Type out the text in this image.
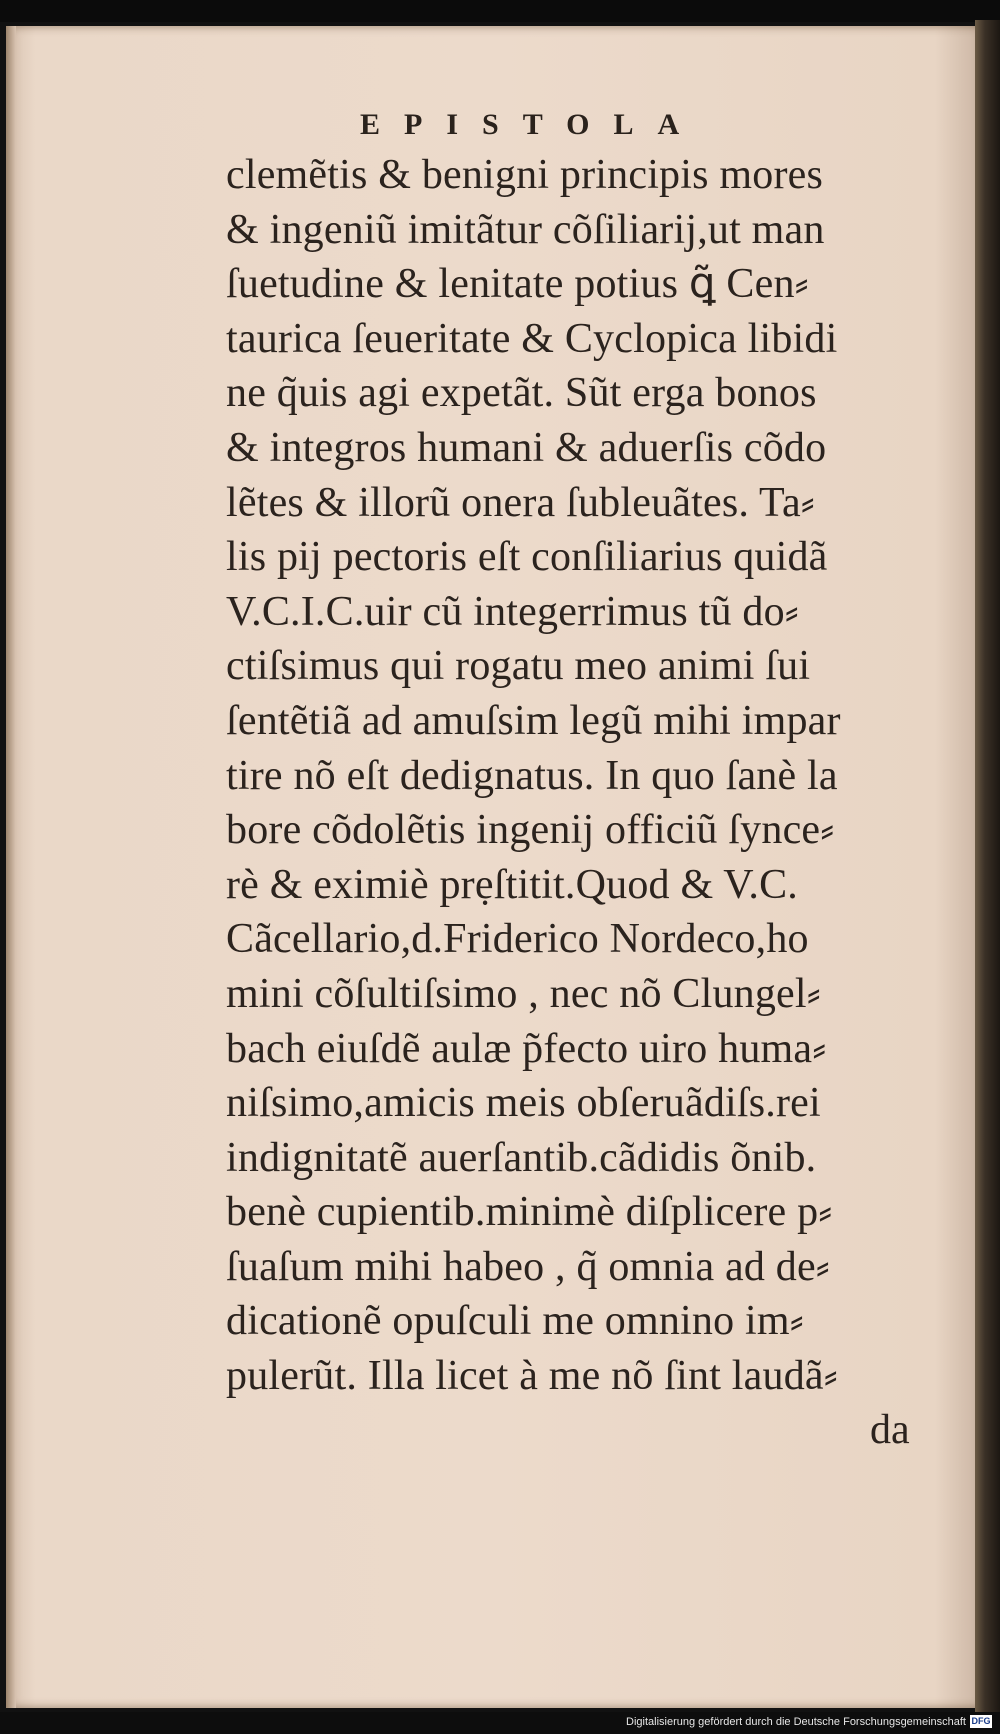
EPISTOLA
clemẽtis & benigni principis mores
& ingeniũ imitãtur cõſiliarij,ut man
ſuetudine & lenitate potius ꝗ̃ Cen⸗
taurica ſeueritate & Cyclopica libidi
ne q̃uis agi expetãt. Sũt erga bonos
& integros humani & aduerſis cõdo
lẽtes & illorũ onera ſubleuãtes. Ta⸗
lis pij pectoris eſt conſiliarius quidã
V.C.I.C.uir cũ integerrimus tũ do⸗
ctiſsimus qui rogatu meo animi ſui
ſentẽtiã ad amuſsim legũ mihi impar
tire nõ eſt dedignatus. In quo ſanè la
bore cõdolẽtis ingenij officiũ ſynce⸗
rè & eximiè prẹſtitit.Quod & V.C.
Cãcellario,d.Friderico Nordeco,ho
mini cõſultiſsimo , nec nõ Clungel⸗
bach eiuſdẽ aulæ p̃fecto uiro huma⸗
niſsimo,amicis meis obſeruãdiſs.rei
indignitatẽ auerſantib.cãdidis õnib.
benè cupientib.minimè diſplicere p⸗
ſuaſum mihi habeo , q̃ omnia ad de⸗
dicationẽ opuſculi me omnino im⸗
pulerũt. Illa licet à me nõ ſint laudã⸗
da
Digitalisierung gefördert durch die Deutsche Forschungsgemeinschaft DFG
